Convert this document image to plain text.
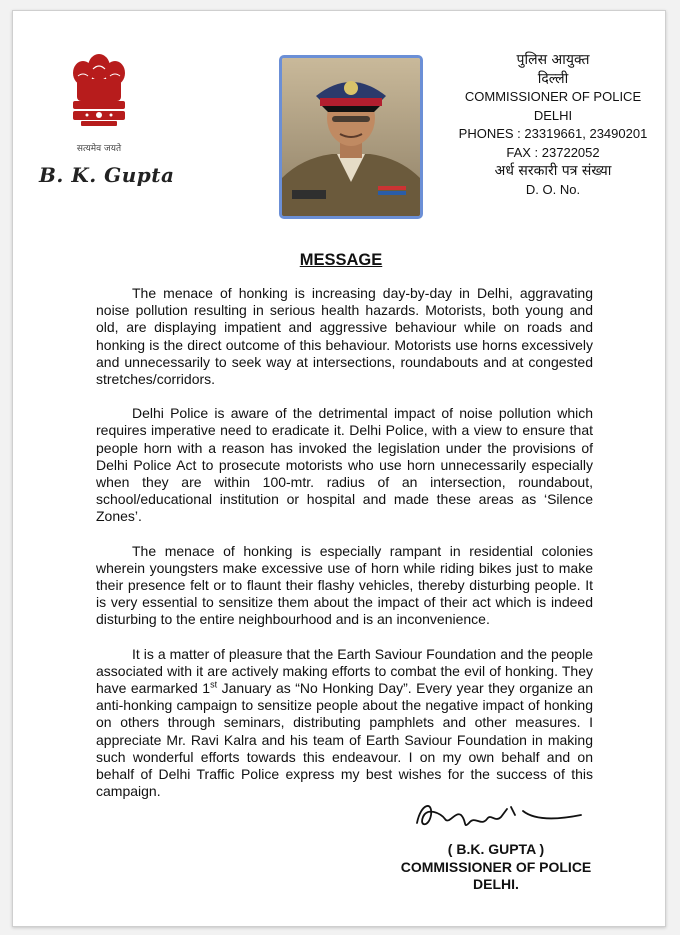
सत्यमेव जयते
B. K. Gupta
पुलिस आयुक्त
दिल्ली
COMMISSIONER OF POLICE
DELHI
PHONES : 23319661, 23490201
FAX : 23722052
अर्ध सरकारी पत्र संख्या
D. O. No.
MESSAGE

The menace of honking is increasing day-by-day in Delhi, aggravating noise pollution resulting in serious health hazards. Motorists, both young and old, are displaying impatient and aggressive behaviour while on roads and honking is the direct outcome of this behaviour. Motorists use horns excessively and unnecessarily to seek way at intersections, roundabouts and at congested stretches/corridors.

Delhi Police is aware of the detrimental impact of noise pollution which requires imperative need to eradicate it. Delhi Police, with a view to ensure that people horn with a reason has invoked the legislation under the provisions of Delhi Police Act to prosecute motorists who use horn unnecessarily especially when they are within 100-mtr. radius of an intersection, roundabout, school/educational institution or hospital and made these areas as ‘Silence Zones’.

The menace of honking is especially rampant in residential colonies wherein youngsters make excessive use of horn while riding bikes just to make their presence felt or to flaunt their flashy vehicles, thereby disturbing people. It is very essential to sensitize them about the impact of their act which is indeed disturbing to the entire neighbourhood and is an inconvenience.

It is a matter of pleasure that the Earth Saviour Foundation and the people associated with it are actively making efforts to combat the evil of honking. They have earmarked 1st January as “No Honking Day”. Every year they organize an anti-honking campaign to sensitize people about the negative impact of honking on others through seminars, distributing pamphlets and other measures. I appreciate Mr. Ravi Kalra and his team of Earth Saviour Foundation in making such wonderful efforts towards this endeavour. I on my own behalf and on behalf of Delhi Traffic Police express my best wishes for the success of this campaign.

( B.K. GUPTA )
COMMISSIONER OF POLICE
DELHI.
